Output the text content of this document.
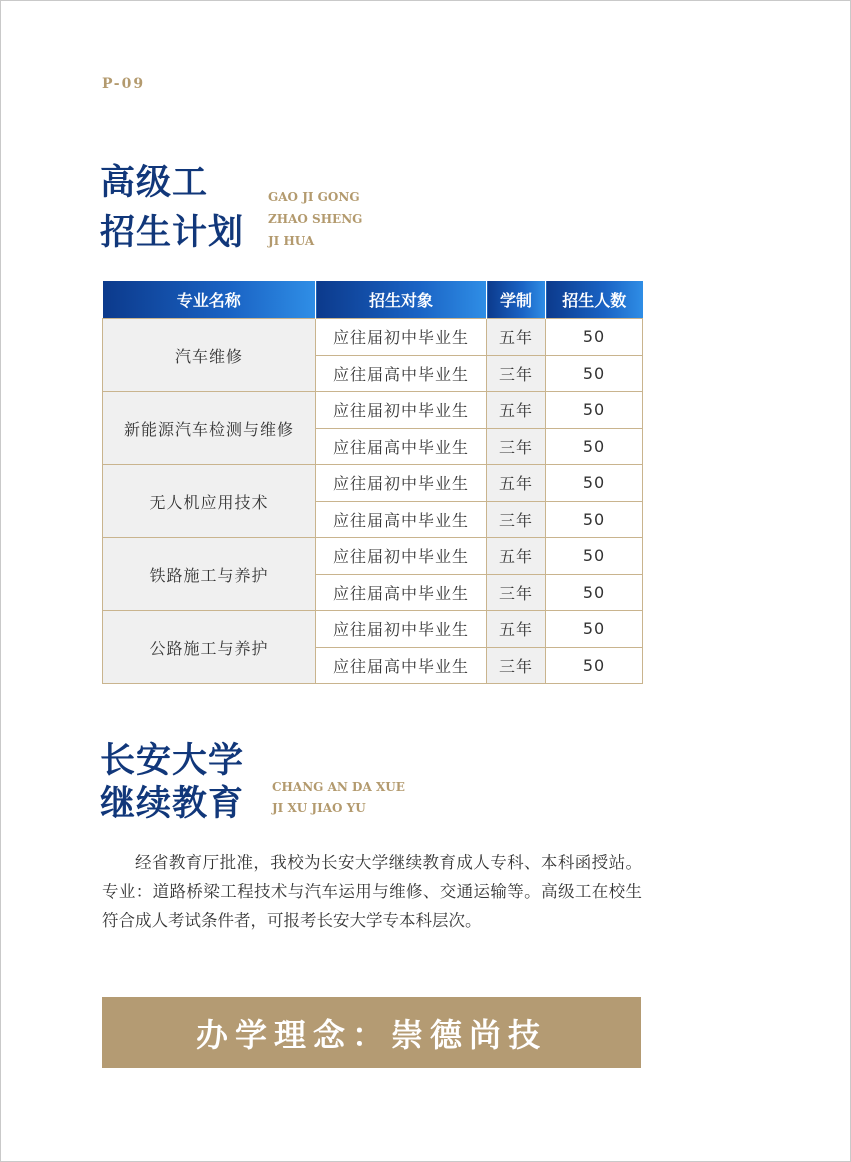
P-09
高级工
招生计划
GAO JI GONG
ZHAO SHENG
JI HUA
专业名称	招生对象	学制	招生人数
汽车维修	应往届初中毕业生	五年	50
	应往届高中毕业生	三年	50
新能源汽车检测与维修	应往届初中毕业生	五年	50
	应往届高中毕业生	三年	50
无人机应用技术	应往届初中毕业生	五年	50
	应往届高中毕业生	三年	50
铁路施工与养护	应往届初中毕业生	五年	50
	应往届高中毕业生	三年	50
公路施工与养护	应往届初中毕业生	五年	50
	应往届高中毕业生	三年	50
长安大学
继续教育 CHANG AN DA XUE
JI XU JIAO YU

经省教育厅批准，我校为长安大学继续教育成人专科、本科函授站。专业：道路桥梁工程技术与汽车运用与维修、交通运输等。高级工在校生符合成人考试条件者，可报考长安大学专本科层次。

办学理念：崇德尚技
